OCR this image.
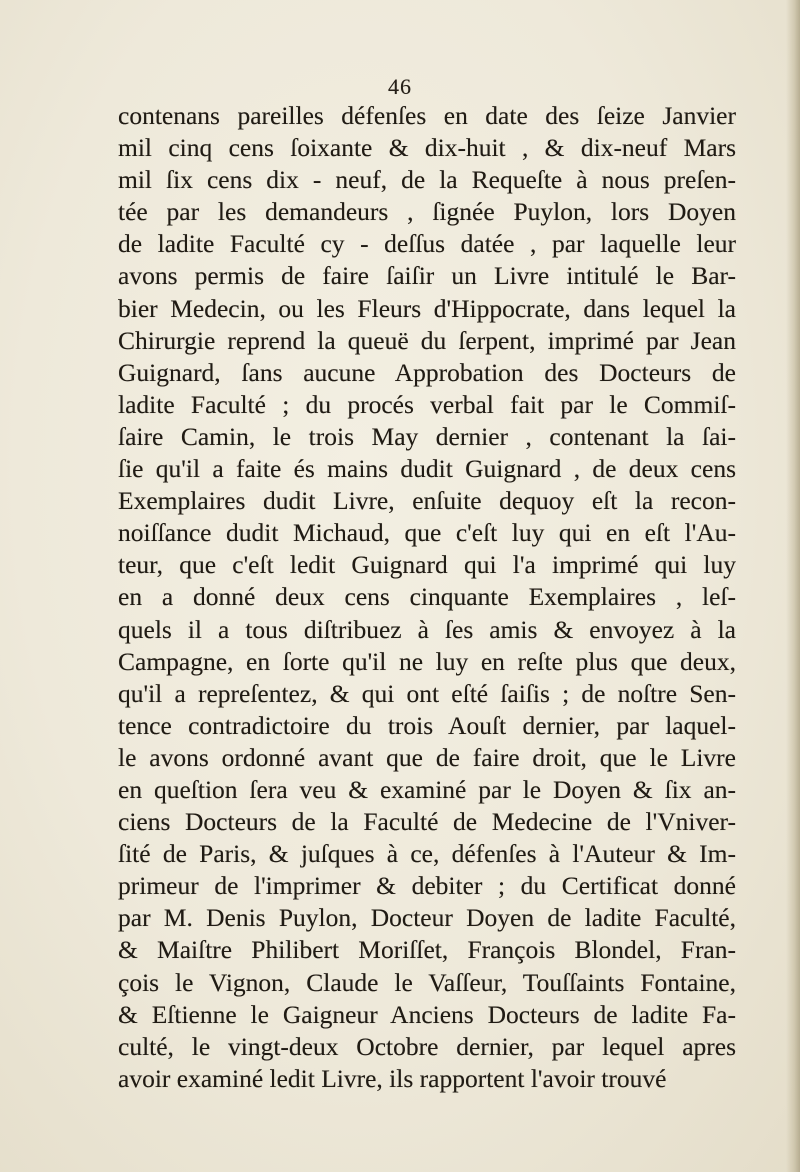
46
contenans pareilles défenſes en date des ſeize Janvier
mil cinq cens ſoixante & dix-huit , & dix-neuf Mars
mil ſix cens dix - neuf, de la Requeſte à nous preſen-
tée par les demandeurs , ſignée Puylon, lors Doyen
de ladite Faculté cy - deſſus datée , par laquelle leur
avons permis de faire ſaiſir un Livre intitulé le Bar-
bier Medecin, ou les Fleurs d'Hippocrate, dans lequel la
Chirurgie reprend la queuë du ſerpent, imprimé par Jean
Guignard, ſans aucune Approbation des Docteurs de
ladite Faculté ; du procés verbal fait par le Commiſ-
ſaire Camin, le trois May dernier , contenant la ſai-
ſie qu'il a faite és mains dudit Guignard , de deux cens
Exemplaires dudit Livre, enſuite dequoy eſt la recon-
noiſſance dudit Michaud, que c'eſt luy qui en eſt l'Au-
teur, que c'eſt ledit Guignard qui l'a imprimé qui luy
en a donné deux cens cinquante Exemplaires , leſ-
quels il a tous diſtribuez à ſes amis & envoyez à la
Campagne, en ſorte qu'il ne luy en reſte plus que deux,
qu'il a repreſentez, & qui ont eſté ſaiſis ; de noſtre Sen-
tence contradictoire du trois Aouſt dernier, par laquel-
le avons ordonné avant que de faire droit, que le Livre
en queſtion ſera veu & examiné par le Doyen & ſix an-
ciens Docteurs de la Faculté de Medecine de l'Vniver-
ſité de Paris, & juſques à ce, défenſes à l'Auteur & Im-
primeur de l'imprimer & debiter ; du Certificat donné
par M. Denis Puylon, Docteur Doyen de ladite Faculté,
& Maiſtre Philibert Moriſſet, François Blondel, Fran-
çois le Vignon, Claude le Vaſſeur, Touſſaints Fontaine,
& Eſtienne le Gaigneur Anciens Docteurs de ladite Fa-
culté, le vingt-deux Octobre dernier, par lequel apres
avoir examiné ledit Livre, ils rapportent l'avoir trouvé
